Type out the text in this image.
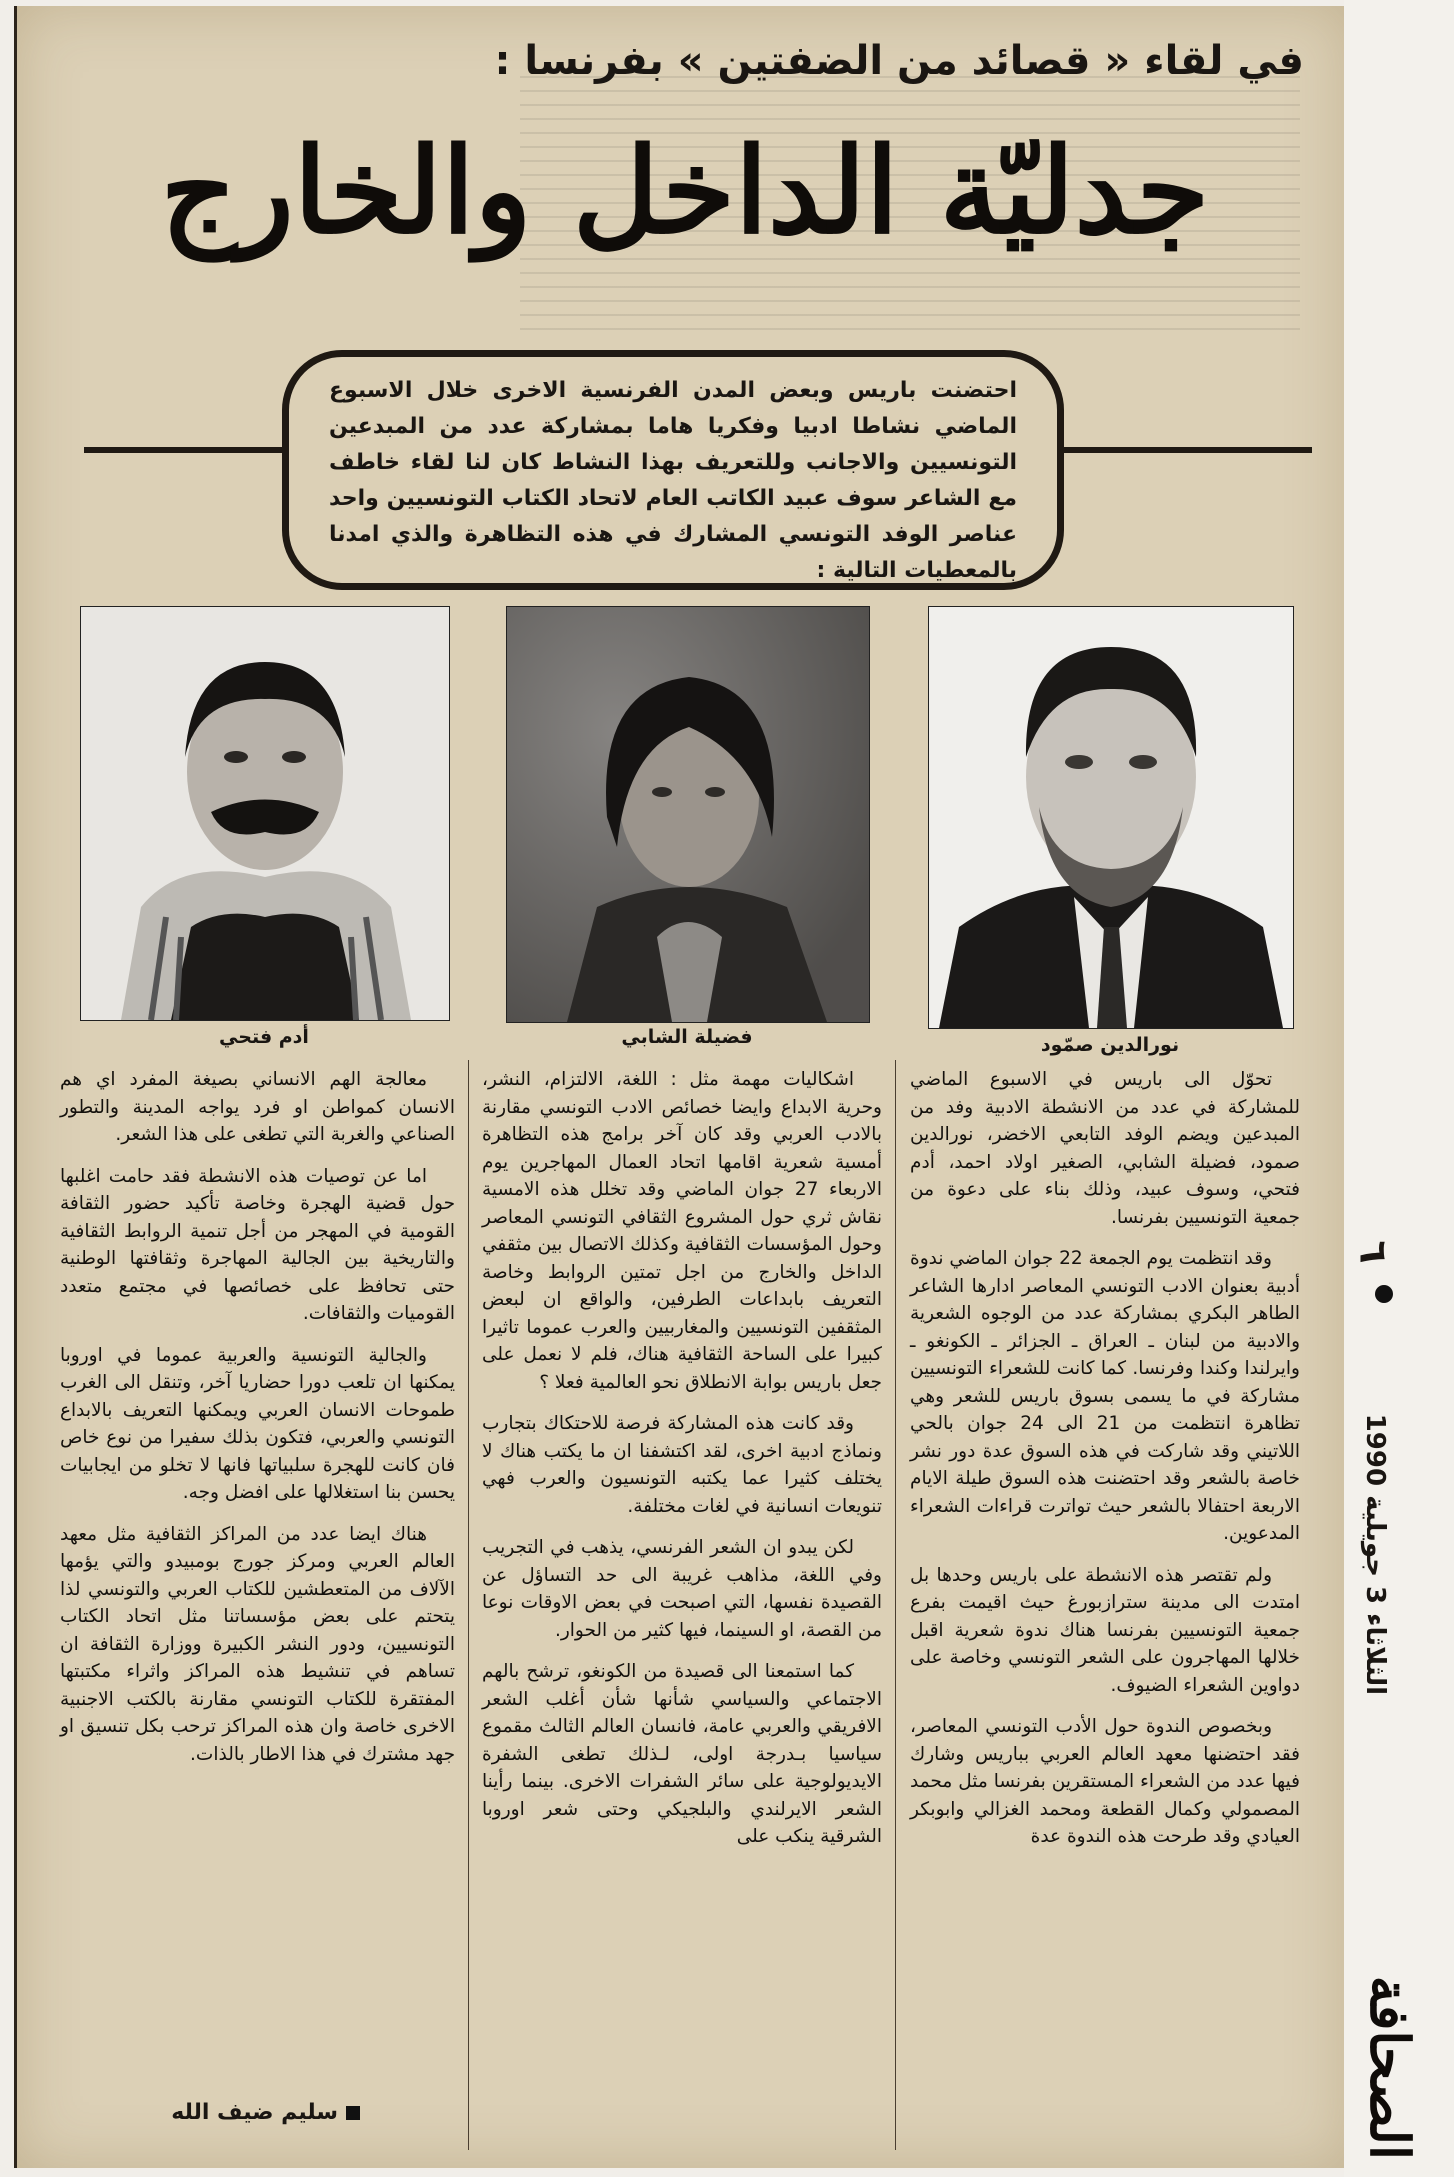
في لقاء « قصائد من الضفتين » بفرنسا :
جدليّة الداخل والخارج
احتضنت باريس وبعض المدن الفرنسية الاخرى خلال الاسبوع الماضي نشاطا ادبيا وفكريا هاما بمشاركة عدد من المبدعين التونسيين والاجانب وللتعريف بهذا النشاط كان لنا لقاء خاطف مع الشاعر سوف عبيد الكاتب العام لاتحاد الكتاب التونسيين واحد عناصر الوفد التونسي المشارك في هذه التظاهرة والذي امدنا بالمعطيات التالية :
أدم فتحي	فضيلة الشابي	نورالدين صمّود

تحوّل الى باريس في الاسبوع الماضي للمشاركة في عدد من الانشطة الادبية وفد من المبدعين ويضم الوفد التابعي الاخضر، نورالدين صمود، فضيلة الشابي، الصغير اولاد احمد، أدم فتحي، وسوف عبيد، وذلك بناء على دعوة من جمعية التونسيين بفرنسا.

وقد انتظمت يوم الجمعة 22 جوان الماضي ندوة أدبية بعنوان الادب التونسي المعاصر ادارها الشاعر الطاهر البكري بمشاركة عدد من الوجوه الشعرية والادبية من لبنان ـ العراق ـ الجزائر ـ الكونغو ـ وايرلندا وكندا وفرنسا. كما كانت للشعراء التونسيين مشاركة في ما يسمى بسوق باريس للشعر وهي تظاهرة انتظمت من 21 الى 24 جوان بالحي اللاتيني وقد شاركت في هذه السوق عدة دور نشر خاصة بالشعر وقد احتضنت هذه السوق طيلة الايام الاربعة احتفالا بالشعر حيث تواترت قراءات الشعراء المدعوين.

ولم تقتصر هذه الانشطة على باريس وحدها بل امتدت الى مدينة سترازبورغ حيث اقيمت بفرع جمعية التونسيين بفرنسا هناك ندوة شعرية اقبل خلالها المهاجرون على الشعر التونسي وخاصة على دواوين الشعراء الضيوف.

وبخصوص الندوة حول الأدب التونسي المعاصر، فقد احتضنها معهد العالم العربي بباريس وشارك فيها عدد من الشعراء المستقرين بفرنسا مثل محمد المصمولي وكمال القطعة ومحمد الغزالي وابوبكر العيادي وقد طرحت هذه الندوة عدة

اشكاليات مهمة مثل : اللغة، الالتزام، النشر، وحرية الابداع وايضا خصائص الادب التونسي مقارنة بالادب العربي وقد كان آخر برامج هذه التظاهرة أمسية شعرية اقامها اتحاد العمال المهاجرين يوم الاربعاء 27 جوان الماضي وقد تخلل هذه الامسية نقاش ثري حول المشروع الثقافي التونسي المعاصر وحول المؤسسات الثقافية وكذلك الاتصال بين مثقفي الداخل والخارج من اجل تمتين الروابط وخاصة التعريف بابداعات الطرفين، والواقع ان لبعض المثقفين التونسيين والمغاربيين والعرب عموما تاثيرا كبيرا على الساحة الثقافية هناك، فلم لا نعمل على جعل باريس بوابة الانطلاق نحو العالمية فعلا ؟

وقد كانت هذه المشاركة فرصة للاحتكاك بتجارب ونماذج ادبية اخرى، لقد اكتشفنا ان ما يكتب هناك لا يختلف كثيرا عما يكتبه التونسيون والعرب فهي تنويعات انسانية في لغات مختلفة.

لكن يبدو ان الشعر الفرنسي، يذهب في التجريب وفي اللغة، مذاهب غريبة الى حد التساؤل عن القصيدة نفسها، التي اصبحت في بعض الاوقات نوعا من القصة، او السينما، فيها كثير من الحوار.

كما استمعنا الى قصيدة من الكونغو، ترشح بالهم الاجتماعي والسياسي شأنها شأن أغلب الشعر الافريقي والعربي عامة، فانسان العالم الثالث مقموع سياسيا بـدرجة اولى، لـذلك تطغى الشفرة الايديولوجية على سائر الشفرات الاخرى. بينما رأينا الشعر الايرلندي والبلجيكي وحتى شعر اوروبا الشرقية ينكب على

معالجة الهم الانساني بصيغة المفرد اي هم الانسان كمواطن او فرد يواجه المدينة والتطور الصناعي والغربة التي تطغى على هذا الشعر.

اما عن توصيات هذه الانشطة فقد حامت اغلبها حول قضية الهجرة وخاصة تأكيد حضور الثقافة القومية في المهجر من أجل تنمية الروابط الثقافية والتاريخية بين الجالية المهاجرة وثقافتها الوطنية حتى تحافظ على خصائصها في مجتمع متعدد القوميات والثقافات.

والجالية التونسية والعربية عموما في اوروبا يمكنها ان تلعب دورا حضاريا آخر، وتنقل الى الغرب طموحات الانسان العربي ويمكنها التعريف بالابداع التونسي والعربي، فتكون بذلك سفيرا من نوع خاص فان كانت للهجرة سلبياتها فانها لا تخلو من ايجابيات يحسن بنا استغلالها على افضل وجه.

هناك ايضا عدد من المراكز الثقافية مثل معهد العالم العربي ومركز جورج بومبيدو والتي يؤمها الآلاف من المتعطشين للكتاب العربي والتونسي لذا يتحتم على بعض مؤسساتنا مثل اتحاد الكتاب التونسيين، ودور النشر الكبيرة ووزارة الثقافة ان تساهم في تنشيط هذه المراكز واثراء مكتبتها المفتقرة للكتاب التونسي مقارنة بالكتب الاجنبية الاخرى خاصة وان هذه المراكز ترحب بكل تنسيق او جهد مشترك في هذا الاطار بالذات.

سليم ضيف الله
٦
الثلاثاء 3 جويلية 1990
الصحافة
